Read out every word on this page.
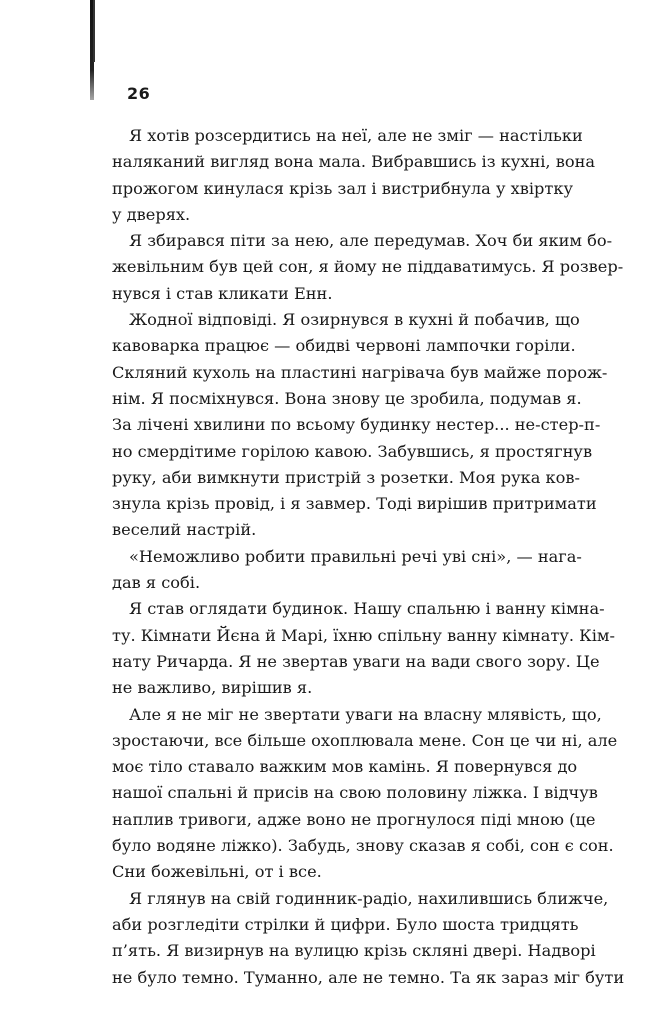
26
Я хотів розсердитись на неї, але не зміг — настільки
наляканий вигляд вона мала. Вибравшись із кухні, вона
прожогом кинулася крізь зал і вистрибнула у хвіртку
у дверях.
Я збирався піти за нею, але передумав. Хоч би яким бо-
жевільним був цей сон, я йому не піддаватимусь. Я розвер-
нувся і став кликати Енн.
Жодної відповіді. Я озирнувся в кухні й побачив, що
кавоварка працює — обидві червоні лампочки горіли.
Скляний кухоль на пластині нагрівача був майже порож-
нім. Я посміхнувся. Вона знову це зробила, подумав я.
За лічені хвилини по всьому будинку нестер... не-стер-п-
но смердітиме горілою кавою. Забувшись, я простягнув
руку, аби вимкнути пристрій з розетки. Моя рука ков-
знула крізь провід, і я завмер. Тоді вирішив притримати
веселий настрій.
«Неможливо робити правильні речі уві сні», — нага-
дав я собі.
Я став оглядати будинок. Нашу спальню і ванну кімна-
ту. Кімнати Йєна й Марі, їхню спільну ванну кімнату. Кім-
нату Ричарда. Я не звертав уваги на вади свого зору. Це
не важливо, вирішив я.
Але я не міг не звертати уваги на власну млявість, що,
зростаючи, все більше охоплювала мене. Сон це чи ні, але
моє тіло ставало важким мов камінь. Я повернувся до
нашої спальні й присів на свою половину ліжка. І відчув
наплив тривоги, адже воно не прогнулося піді мною (це
було водяне ліжко). Забудь, знову сказав я собі, сон є сон.
Сни божевільні, от і все.
Я глянув на свій годинник-радіо, нахилившись ближче,
аби розгледіти стрілки й цифри. Було шоста тридцять
п’ять. Я визирнув на вулицю крізь скляні двері. Надворі
не було темно. Туманно, але не темно. Та як зараз міг бути
